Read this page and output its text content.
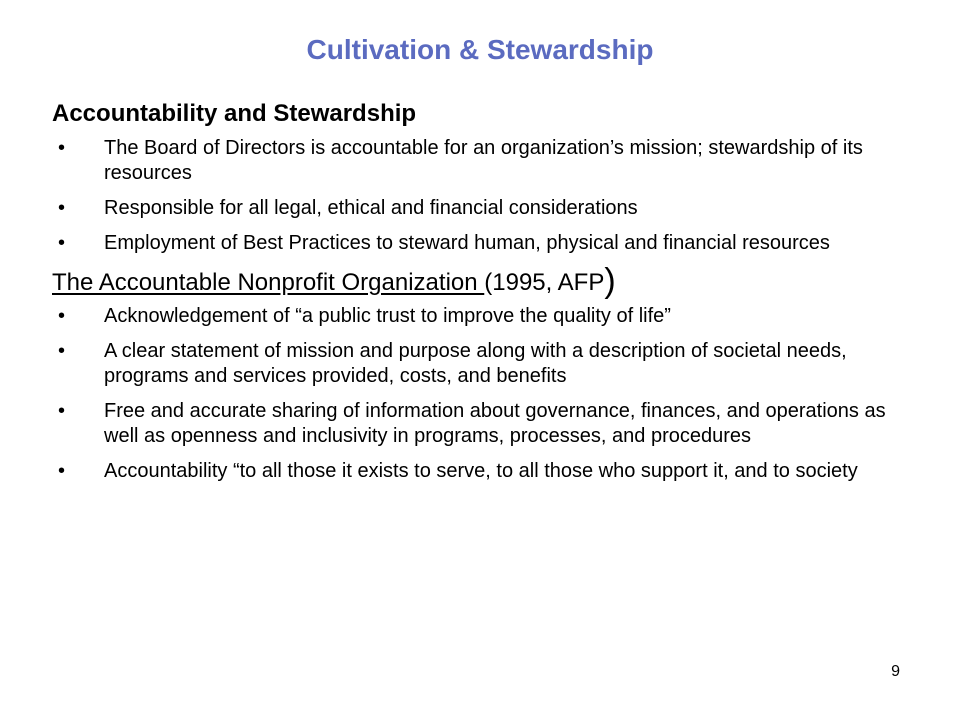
Cultivation & Stewardship
Accountability and Stewardship
• The Board of Directors is accountable for an organization’s mission; stewardship of its resources
• Responsible for all legal, ethical and financial considerations
• Employment of Best Practices to steward human, physical and financial resources
The Accountable Nonprofit Organization (1995, AFP)
• Acknowledgement of “a public trust to improve the quality of life”
• A clear statement of mission and purpose along with a description of societal needs, programs and services provided, costs, and benefits
• Free and accurate sharing of information about governance, finances, and operations as well as openness and inclusivity in programs, processes, and procedures
• Accountability “to all those it exists to serve, to all those who support it, and to society
9
